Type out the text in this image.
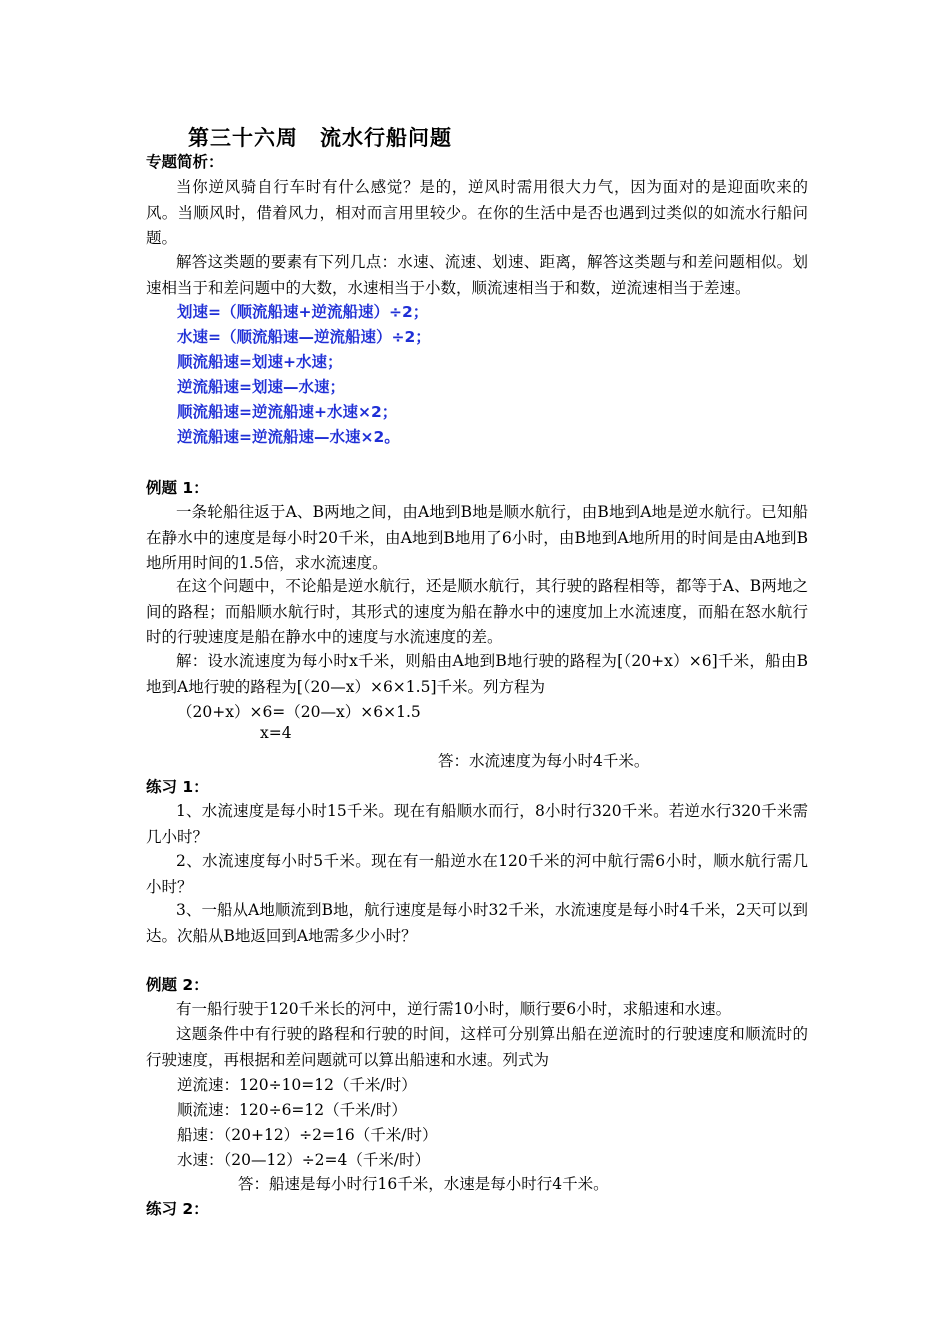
第三十六周　流水行船问题
专题简析：
当你逆风骑自行车时有什么感觉？是的，逆风时需用很大力气，因为面对的是迎面吹来的风。当顺风时，借着风力，相对而言用里较少。在你的生活中是否也遇到过类似的如流水行船问题。
解答这类题的要素有下列几点：水速、流速、划速、距离，解答这类题与和差问题相似。划速相当于和差问题中的大数，水速相当于小数，顺流速相当于和数，逆流速相当于差速。
划速=（顺流船速+逆流船速）÷2；
水速=（顺流船速—逆流船速）÷2；
顺流船速=划速+水速；
逆流船速=划速—水速；
顺流船速=逆流船速+水速×2；
逆流船速=逆流船速—水速×2。
例题 1：
一条轮船往返于A、B两地之间，由A地到B地是顺水航行，由B地到A地是逆水航行。已知船在静水中的速度是每小时20千米，由A地到B地用了6小时，由B地到A地所用的时间是由A地到B地所用时间的1.5倍，求水流速度。
在这个问题中，不论船是逆水航行，还是顺水航行，其行驶的路程相等，都等于A、B两地之间的路程；而船顺水航行时，其形式的速度为船在静水中的速度加上水流速度，而船在怒水航行时的行驶速度是船在静水中的速度与水流速度的差。
解：设水流速度为每小时x千米，则船由A地到B地行驶的路程为[（20+x）×6]千米，船由B地到A地行驶的路程为[（20—x）×6×1.5]千米。列方程为
（20+x）×6=（20—x）×6×1.5
x=4
答：水流速度为每小时4千米。
练习 1：
1、水流速度是每小时15千米。现在有船顺水而行，8小时行320千米。若逆水行320千米需几小时？
2、水流速度每小时5千米。现在有一船逆水在120千米的河中航行需6小时，顺水航行需几小时？
3、一船从A地顺流到B地，航行速度是每小时32千米，水流速度是每小时4千米，2天可以到达。次船从B地返回到A地需多少小时？
例题 2：
有一船行驶于120千米长的河中，逆行需10小时，顺行要6小时，求船速和水速。
这题条件中有行驶的路程和行驶的时间，这样可分别算出船在逆流时的行驶速度和顺流时的行驶速度，再根据和差问题就可以算出船速和水速。列式为
逆流速：120÷10=12（千米/时）
顺流速：120÷6=12（千米/时）
船速：（20+12）÷2=16（千米/时）
水速：（20—12）÷2=4（千米/时）
答：船速是每小时行16千米，水速是每小时行4千米。
练习 2：
